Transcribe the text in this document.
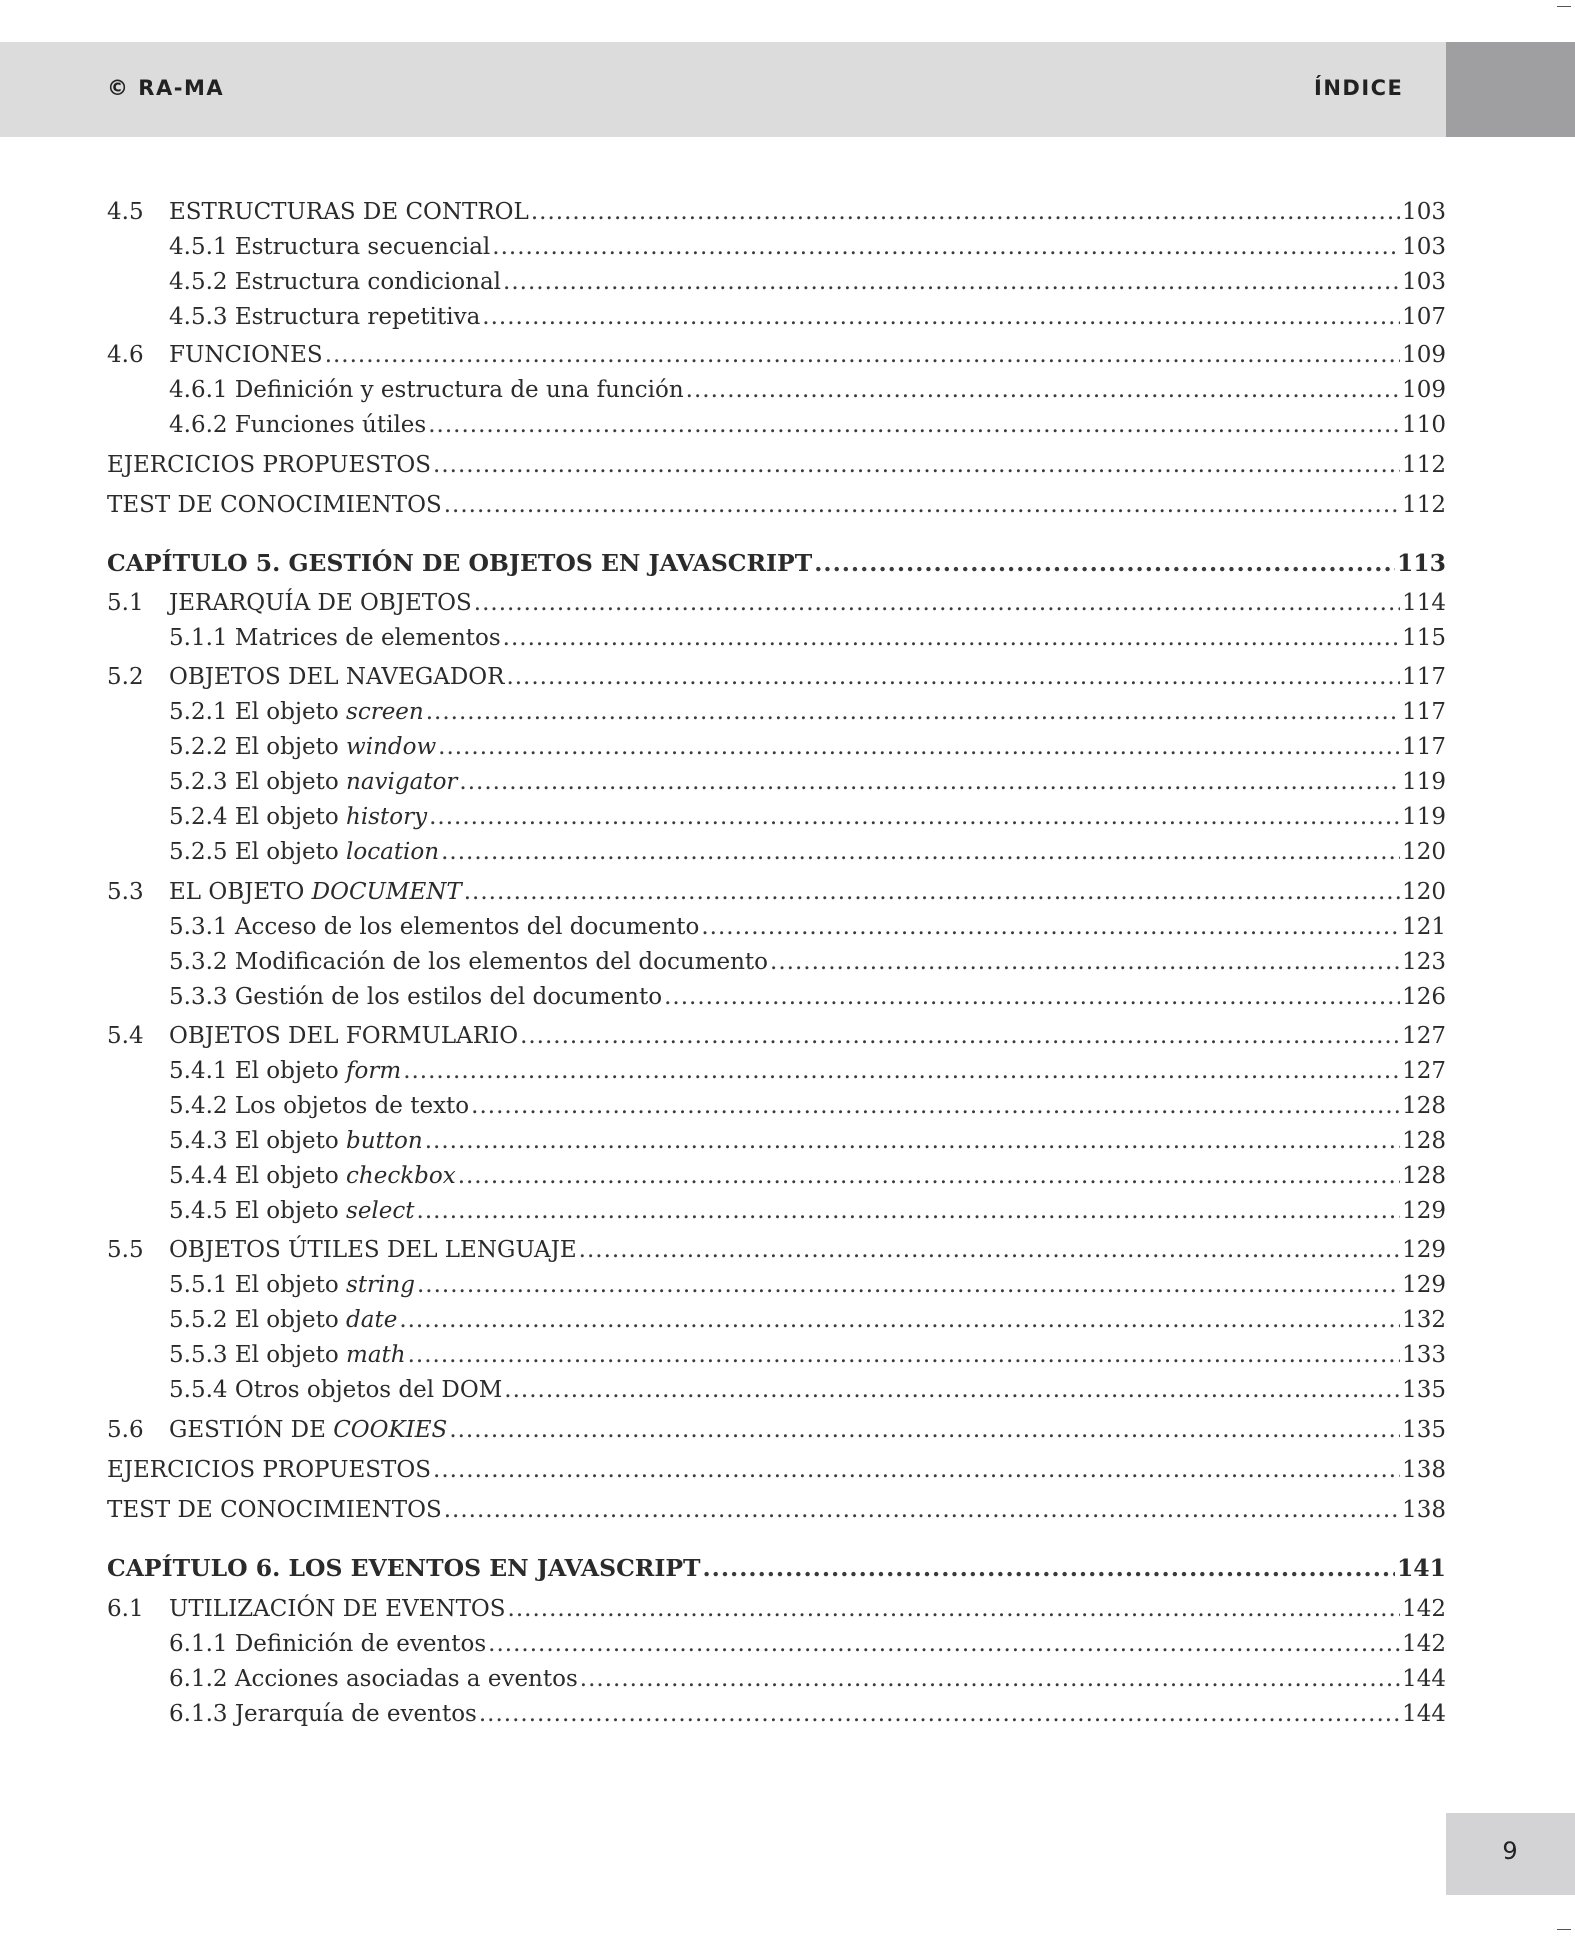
© RA-MA	ÍNDICE
4.5	ESTRUCTURAS DE CONTROL .....	103
4.5.1 Estructura secuencial .....	103
4.5.2 Estructura condicional .....	103
4.5.3 Estructura repetitiva .....	107
4.6	FUNCIONES .....	109
4.6.1 Definición y estructura de una función .....	109
4.6.2 Funciones útiles .....	110
EJERCICIOS PROPUESTOS .....	112
TEST DE CONOCIMIENTOS .....	112
CAPÍTULO 5. GESTIÓN DE OBJETOS EN JAVASCRIPT .....	113
5.1	JERARQUÍA DE OBJETOS .....	114
5.1.1 Matrices de elementos .....	115
5.2	OBJETOS DEL NAVEGADOR .....	117
5.2.1 El objeto screen .....	117
5.2.2 El objeto window .....	117
5.2.3 El objeto navigator .....	119
5.2.4 El objeto history .....	119
5.2.5 El objeto location .....	120
5.3	EL OBJETO DOCUMENT .....	120
5.3.1 Acceso de los elementos del documento .....	121
5.3.2 Modificación de los elementos del documento .....	123
5.3.3 Gestión de los estilos del documento .....	126
5.4	OBJETOS DEL FORMULARIO .....	127
5.4.1 El objeto form .....	127
5.4.2 Los objetos de texto .....	128
5.4.3 El objeto button .....	128
5.4.4 El objeto checkbox .....	128
5.4.5 El objeto select .....	129
5.5	OBJETOS ÚTILES DEL LENGUAJE .....	129
5.5.1 El objeto string .....	129
5.5.2 El objeto date .....	132
5.5.3 El objeto math .....	133
5.5.4 Otros objetos del DOM .....	135
5.6	GESTIÓN DE COOKIES .....	135
EJERCICIOS PROPUESTOS .....	138
TEST DE CONOCIMIENTOS .....	138
CAPÍTULO 6. LOS EVENTOS EN JAVASCRIPT .....	141
6.1	UTILIZACIÓN DE EVENTOS .....	142
6.1.1 Definición de eventos .....	142
6.1.2 Acciones asociadas a eventos .....	144
6.1.3 Jerarquía de eventos .....	144
9
